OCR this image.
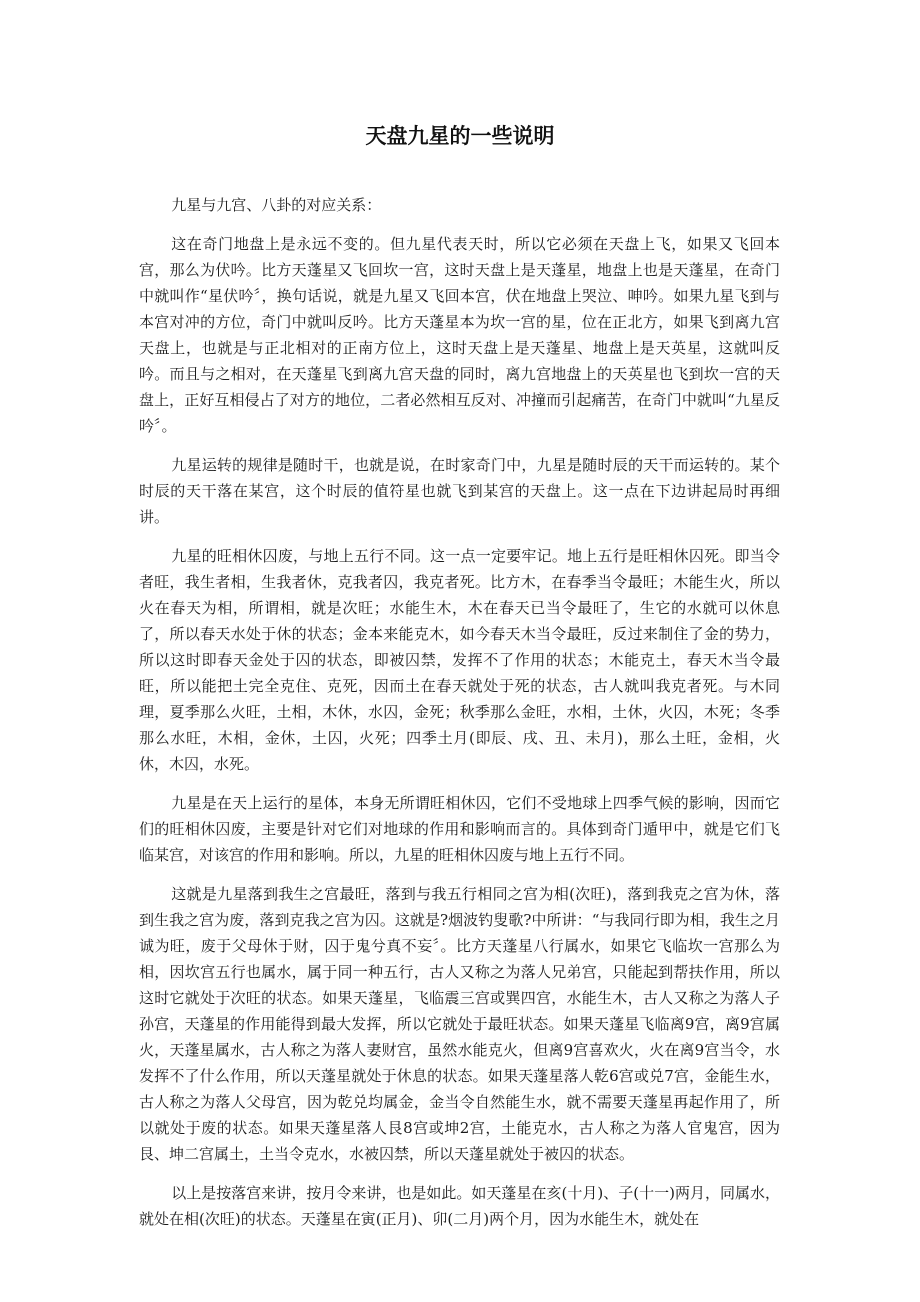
天盘九星的一些说明

九星与九宫、八卦的对应关系：

这在奇门地盘上是永远不变的。但九星代表天时，所以它必须在天盘上飞，如果又飞回本宫，那么为伏吟。比方天蓬星又飞回坎一宫，这时天盘上是天蓬星，地盘上也是天蓬星，在奇门中就叫作“星伏吟〞，换句话说，就是九星又飞回本宫，伏在地盘上哭泣、呻吟。如果九星飞到与本宫对冲的方位，奇门中就叫反吟。比方天蓬星本为坎一宫的星，位在正北方，如果飞到离九宫天盘上，也就是与正北相对的正南方位上，这时天盘上是天蓬星、地盘上是天英星，这就叫反吟。而且与之相对，在天蓬星飞到离九宫天盘的同时，离九宫地盘上的天英星也飞到坎一宫的天盘上，正好互相侵占了对方的地位，二者必然相互反对、冲撞而引起痛苦，在奇门中就叫“九星反吟〞。

九星运转的规律是随时干，也就是说，在时家奇门中，九星是随时辰的天干而运转的。某个时辰的天干落在某宫，这个时辰的值符星也就飞到某宫的天盘上。这一点在下边讲起局时再细讲。

九星的旺相休囚废，与地上五行不同。这一点一定要牢记。地上五行是旺相休囚死。即当令者旺，我生者相，生我者休，克我者囚，我克者死。比方木，在春季当令最旺；木能生火，所以火在春天为相，所谓相，就是次旺；水能生木，木在春天已当令最旺了，生它的水就可以休息了，所以春天水处于休的状态；金本来能克木，如今春天木当令最旺，反过来制住了金的势力，所以这时即春天金处于囚的状态，即被囚禁，发挥不了作用的状态；木能克土，春天木当令最旺，所以能把土完全克住、克死，因而土在春天就处于死的状态，古人就叫我克者死。与木同理，夏季那么火旺，土相，木休，水囚，金死；秋季那么金旺，水相，土休，火囚，木死；冬季那么水旺，木相，金休，土囚，火死；四季土月(即辰、戌、丑、未月)，那么土旺，金相，火休，木囚，水死。

九星是在天上运行的星体，本身无所谓旺相休囚，它们不受地球上四季气候的影响，因而它们的旺相休囚废，主要是针对它们对地球的作用和影响而言的。具体到奇门遁甲中，就是它们飞临某宫，对该宫的作用和影响。所以，九星的旺相休囚废与地上五行不同。

这就是九星落到我生之宫最旺，落到与我五行相同之宫为相(次旺)，落到我克之宫为休，落到生我之宫为废，落到克我之宫为囚。这就是?烟波钓叟歌?中所讲：“与我同行即为相，我生之月诚为旺，废于父母休于财，囚于鬼兮真不妄〞。比方天蓬星八行属水，如果它飞临坎一宫那么为相，因坎宫五行也属水，属于同一种五行，古人又称之为落人兄弟宫，只能起到帮扶作用，所以这时它就处于次旺的状态。如果天蓬星，飞临震三宫或巽四宫，水能生木，古人又称之为落人子孙宫，天蓬星的作用能得到最大发挥，所以它就处于最旺状态。如果天蓬星飞临离9宫，离9宫属火，天蓬星属水，古人称之为落人妻财宫，虽然水能克火，但离9宫喜欢火，火在离9宫当令，水发挥不了什么作用，所以天蓬星就处于休息的状态。如果天蓬星落人乾6宫或兑7宫，金能生水，古人称之为落人父母宫，因为乾兑均属金，金当令自然能生水，就不需要天蓬星再起作用了，所以就处于废的状态。如果天蓬星落人艮8宫或坤2宫，土能克水，古人称之为落人官鬼宫，因为艮、坤二宫属土，土当令克水，水被囚禁，所以天蓬星就处于被囚的状态。

以上是按落宫来讲，按月令来讲，也是如此。如天蓬星在亥(十月)、子(十一)两月，同属水，就处在相(次旺)的状态。天蓬星在寅(正月)、卯(二月)两个月，因为水能生木，就处在
